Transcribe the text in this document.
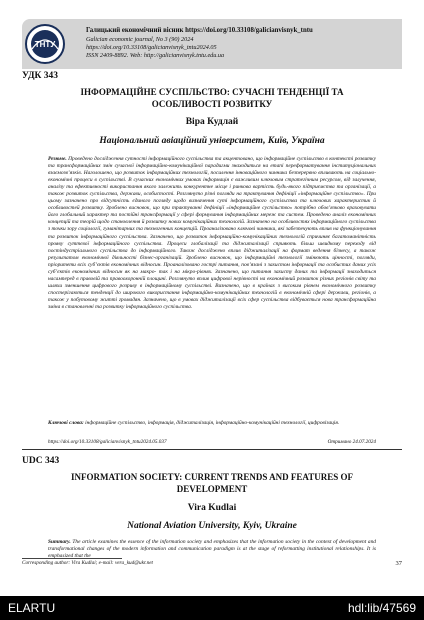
ТНТУ
Галицький економічний вісник https://doi.org/10.33108/galicianvisnyk_tntu
Galician economic journal, No 3 (90) 2024
https://doi.org/10.33108/galicianvisnyk_tntu2024.05
ISSN 2409-8892. Web: http://galicianvisnyk.tntu.edu.ua
УДК 343
ІНФОРМАЦІЙНЕ СУСПІЛЬСТВО: СУЧАСНІ ТЕНДЕНЦІЇ ТА
ОСОБЛИВОСТІ РОЗВИТКУ
Віра Кудлай
Національний авіаційний університет, Київ, Україна
Резюме. Проведено дослідження сутності інформаційного суспільства та акцентовано, що інформаційне суспільство в контексті розвитку та трансформаційних змін сучасної інформаційно-комунікаційної парадигми знаходиться на етапі переформатування інституціональних взаємозв’язків. Наголошено, що розвиток інформаційних технологій, посилення інноваційного чинника безперервно впливають на соціально-економічні процеси в суспільстві. В сучасних економічних умовах інформація є важливим ключовим стратегічним ресурсом, від залучення, аналізу та ефективності використання якого залежить конкурентне місце і ринкова вартість будь-якого підприємства та організації, а також розвиток суспільства, держави, особистості. Розглянуто різні погляди на трактування дефініції «інформаційне суспільство». При цьому зазначено про відсутність єдиного погляду щодо визначення суті інформаційного суспільства та ключових характеристик й особливостей розвитку. Зроблено висновок, що при трактуванні дефініції «інформаційне суспільство» потрібно обов’язково враховувати його глобальний характер та постійні трансформації у сфері формування інформаційних мереж та систем. Проведено аналіз економічних концепцій та теорій щодо становлення й розвитку нових комунікаційних технологій. Зазначено на особливостях інформаційного суспільства з точки зору соціології, гуманітарних та техногенних концепцій. Проаналізовано ключові чинники, які забезпечують вплив на функціонування та розвиток інформаційного суспільства. Зазначено, що розвиток інформаційно-комунікаційних технологій спричиняє багатоманітність прояву суттєвої інформаційного суспільства. Процеси глобалізації та діджиталізації сприяють більш швидкому переходу від постіндустріального суспільства до інформаційного. Також досліджено вплив діджиталізації на формат ведення бізнесу, а також результатом економічної діяльності бізнес-організацій. Зроблено висновок, що інформаційні технології змінюють цінності, погляди, пріоритети всіх суб’єктів економічних відносин. Проаналізовано гострі питання, пов’язані з захистом інформації та особистих даних усіх суб’єктів економічних відносин як на макро- так і на мікро-рівнях. Зазначено, що питання захисту даних та інформації знаходиться насамперед в правовій та правоохоронній площині. Розглянуто вплив цифрової нерівності на економічний розвиток різних регіонів світу та шляхи зменшення цифрового розриву в інформаційному суспільстві. Визначено, що в країнах з високим рівнем економічного розвитку спостерігаються тенденції до широкого використання інформаційно-комунікаційних технологій в економічній сфері держави, регіонів, а також у побутовому житті громадян. Зазначено, що в умовах діджиталізації всіх сфер суспільства відбувається нова трансформаційна зміна в становленні та розвитку інформаційного суспільства.
Ключові слова: інформаційне суспільство, інформація, діджиталізація, інформаційно-комунікаційні технології, цифровізація.
https://doi.org/10.33108/galicianvisnyk_tntu2024.05.037	Отримано 24.07.2024
UDC 343
INFORMATION SOCIETY: CURRENT TRENDS AND FEATURES OF
DEVELOPMENT
Vira Kudlai
National Aviation University, Kyiv, Ukraine
Summary. The article examines the essence of the information society and emphasizes that the information society in the context of development and transformational changes of the modern information and communication paradigm is at the stage of reformatting institutional relationships. It is emphasized that the
Corresponding author: Vira Kudlai; e-mail: vera_kud@ukr.net	37
ELARTU	hdl:lib/47569
